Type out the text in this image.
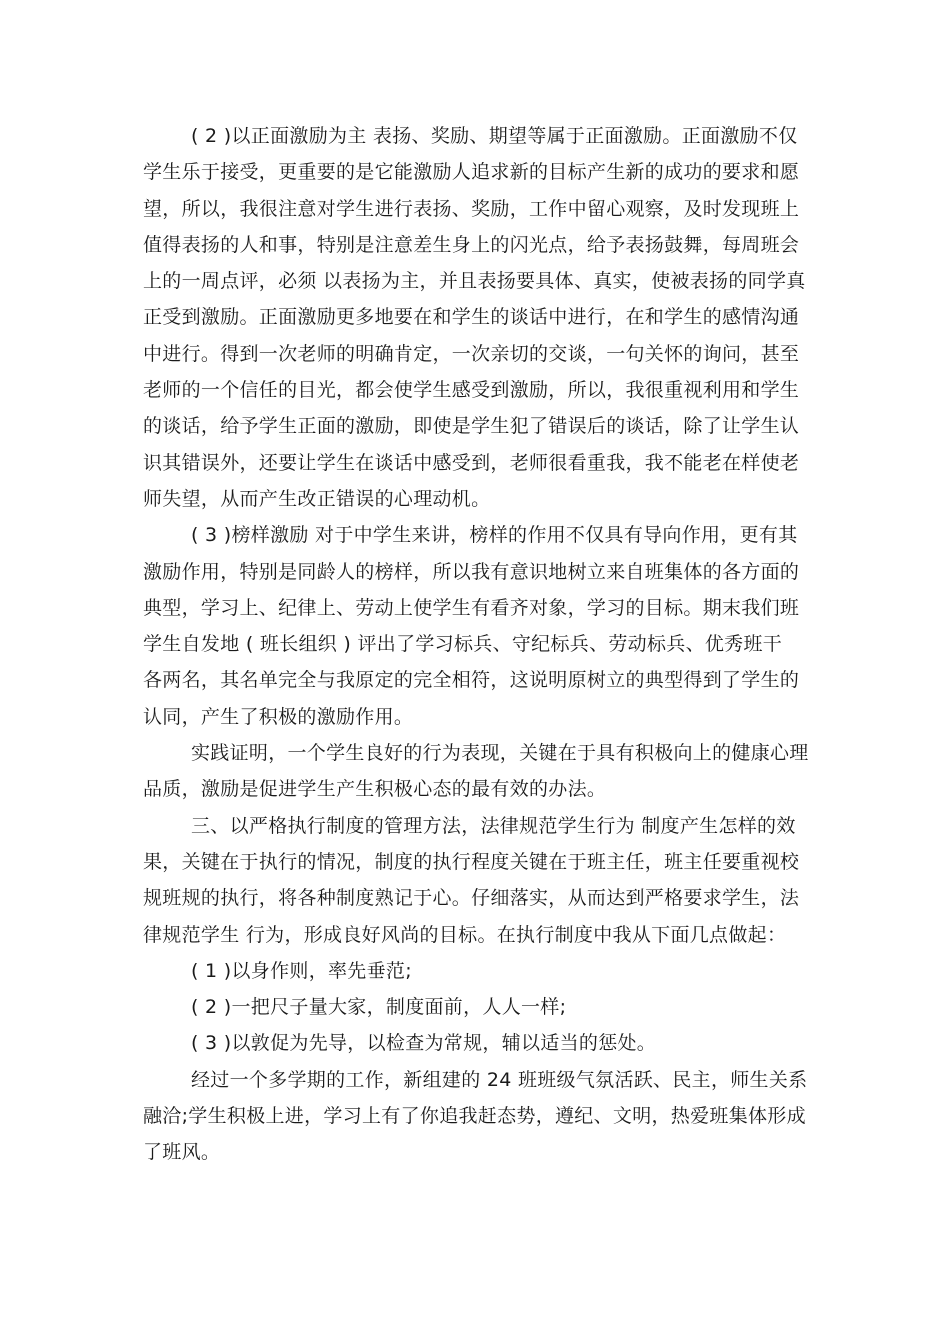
( 2 )以正面激励为主 表扬、奖励、期望等属于正面激励。正面激励不仅
学生乐于接受，更重要的是它能激励人追求新的目标产生新的成功的要求和愿
望，所以，我很注意对学生进行表扬、奖励，工作中留心观察，及时发现班上
值得表扬的人和事，特别是注意差生身上的闪光点，给予表扬鼓舞，每周班会
上的一周点评，必须 以表扬为主，并且表扬要具体、真实，使被表扬的同学真
正受到激励。正面激励更多地要在和学生的谈话中进行，在和学生的感情沟通
中进行。得到一次老师的明确肯定，一次亲切的交谈，一句关怀的询问，甚至
老师的一个信任的目光，都会使学生感受到激励，所以，我很重视利用和学生
的谈话，给予学生正面的激励，即使是学生犯了错误后的谈话，除了让学生认
识其错误外，还要让学生在谈话中感受到，老师很看重我，我不能老在样使老
师失望，从而产生改正错误的心理动机。
( 3 )榜样激励 对于中学生来讲，榜样的作用不仅具有导向作用，更有其
激励作用，特别是同龄人的榜样，所以我有意识地树立来自班集体的各方面的
典型，学习上、纪律上、劳动上使学生有看齐对象，学习的目标。期末我们班
学生自发地 ( 班长组织 ) 评出了学习标兵、守纪标兵、劳动标兵、优秀班干
各两名，其名单完全与我原定的完全相符，这说明原树立的典型得到了学生的
认同，产生了积极的激励作用。
实践证明，一个学生良好的行为表现，关键在于具有积极向上的健康心理
品质，激励是促进学生产生积极心态的最有效的办法。
三、以严格执行制度的管理方法，法律规范学生行为 制度产生怎样的效
果，关键在于执行的情况，制度的执行程度关键在于班主任，班主任要重视校
规班规的执行，将各种制度熟记于心。仔细落实，从而达到严格要求学生，法
律规范学生 行为，形成良好风尚的目标。在执行制度中我从下面几点做起：
( 1 )以身作则，率先垂范;
( 2 )一把尺子量大家，制度面前，人人一样;
( 3 )以敦促为先导，以检查为常规，辅以适当的惩处。
经过一个多学期的工作，新组建的 24 班班级气氛活跃、民主，师生关系
融洽;学生积极上进，学习上有了你追我赶态势，遵纪、文明，热爱班集体形成
了班风。
